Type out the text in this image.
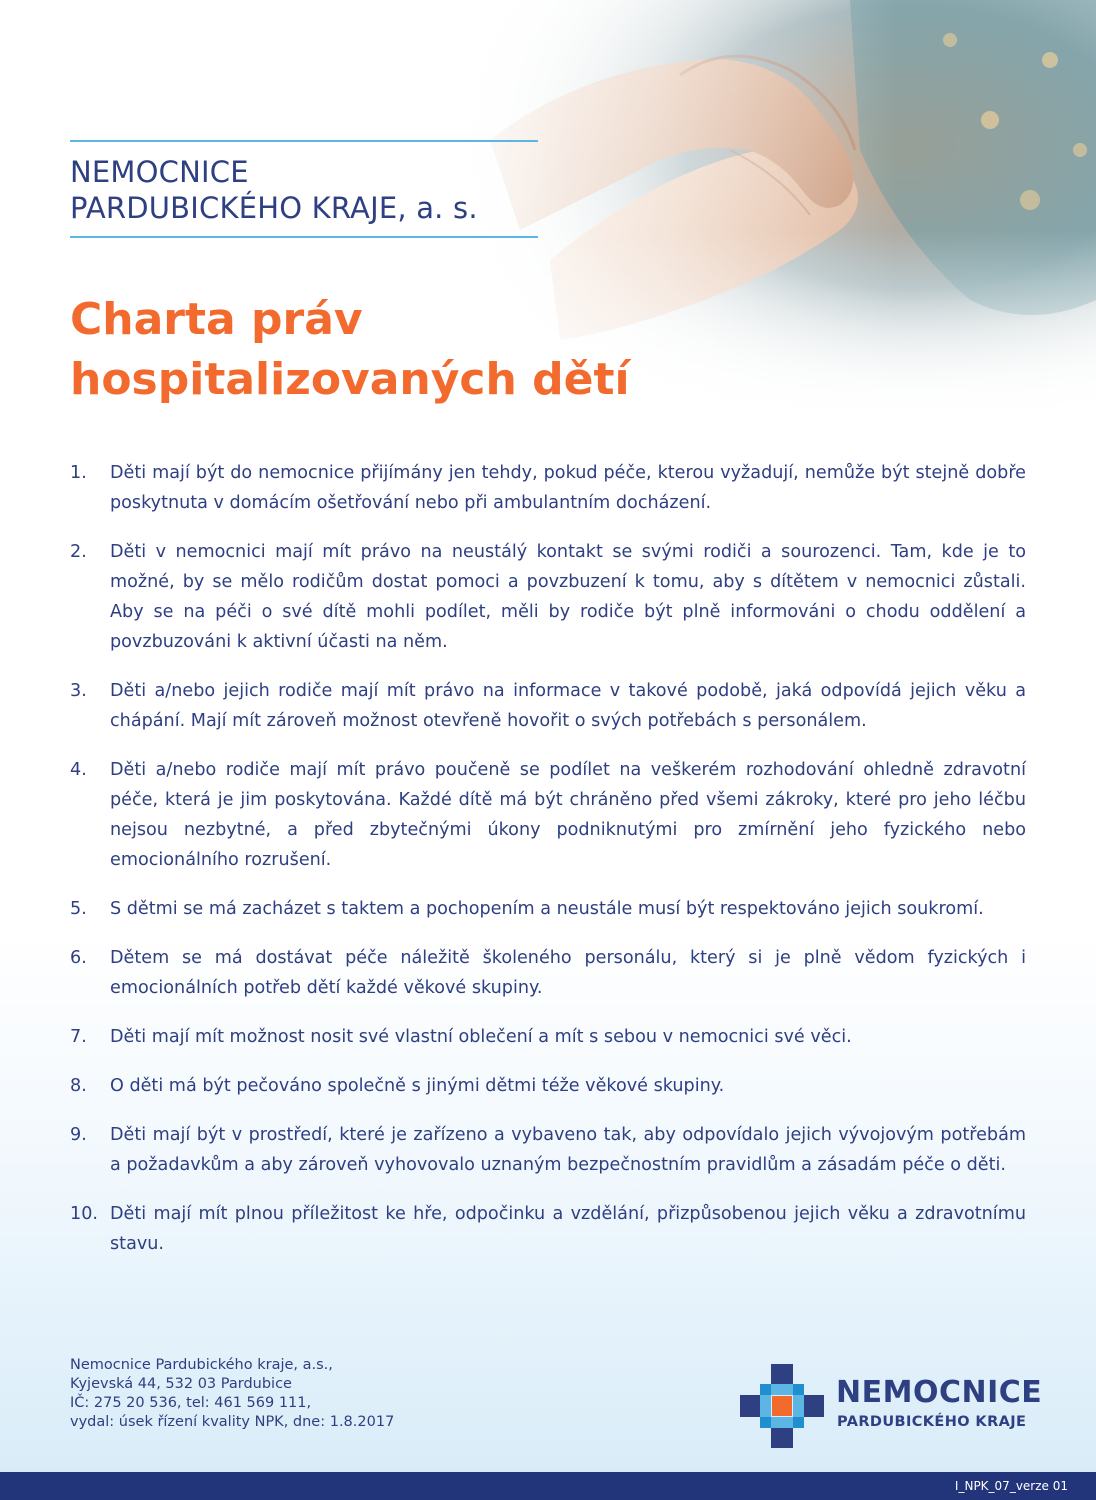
NEMOCNICE
PARDUBICKÉHO KRAJE, a. s.
Charta práv
hospitalizovaných dětí
1.	Děti mají být do nemocnice přijímány jen tehdy, pokud péče, kterou vyžadují, nemůže být stejně dobře poskytnuta v domácím ošetřování nebo při ambulantním docházení.
2.	Děti v nemocnici mají mít právo na neustálý kontakt se svými rodiči a sourozenci. Tam, kde je to možné, by se mělo rodičům dostat pomoci a povzbuzení k tomu, aby s dítětem v nemocnici zůstali. Aby se na péči o své dítě mohli podílet, měli by rodiče být plně informováni o chodu oddělení a povzbuzováni k aktivní účasti na něm.
3.	Děti a/nebo jejich rodiče mají mít právo na informace v takové podobě, jaká odpovídá jejich věku a chápání. Mají mít zároveň možnost otevřeně hovořit o svých potřebách s personálem.
4.	Děti a/nebo rodiče mají mít právo poučeně se podílet na veškerém rozhodování ohledně zdravotní péče, která je jim poskytována. Každé dítě má být chráněno před všemi zákroky, které pro jeho léčbu nejsou nezbytné, a před zbytečnými úkony podniknutými pro zmírnění jeho fyzického nebo emocionálního rozrušení.
5.	S dětmi se má zacházet s taktem a pochopením a neustále musí být respektováno jejich soukromí.
6.	Dětem se má dostávat péče náležitě školeného personálu, který si je plně vědom fyzických i emocionálních potřeb dětí každé věkové skupiny.
7.	Děti mají mít možnost nosit své vlastní oblečení a mít s sebou v nemocnici své věci.
8.	O děti má být pečováno společně s jinými dětmi téže věkové skupiny.
9.	Děti mají být v prostředí, které je zařízeno a vybaveno tak, aby odpovídalo jejich vývojovým potřebám a požadavkům a aby zároveň vyhovovalo uznaným bezpečnostním pravidlům a zásadám péče o děti.
10. Děti mají mít plnou příležitost ke hře, odpočinku a vzdělání, přizpůsobenou jejich věku a zdravotnímu stavu.
Nemocnice Pardubického kraje, a.s.,
Kyjevská 44, 532 03 Pardubice
IČ: 275 20 536, tel: 461 569 111,
vydal: úsek řízení kvality NPK, dne: 1.8.2017
NEMOCNICE
PARDUBICKÉHO KRAJE
I_NPK_07_verze 01
